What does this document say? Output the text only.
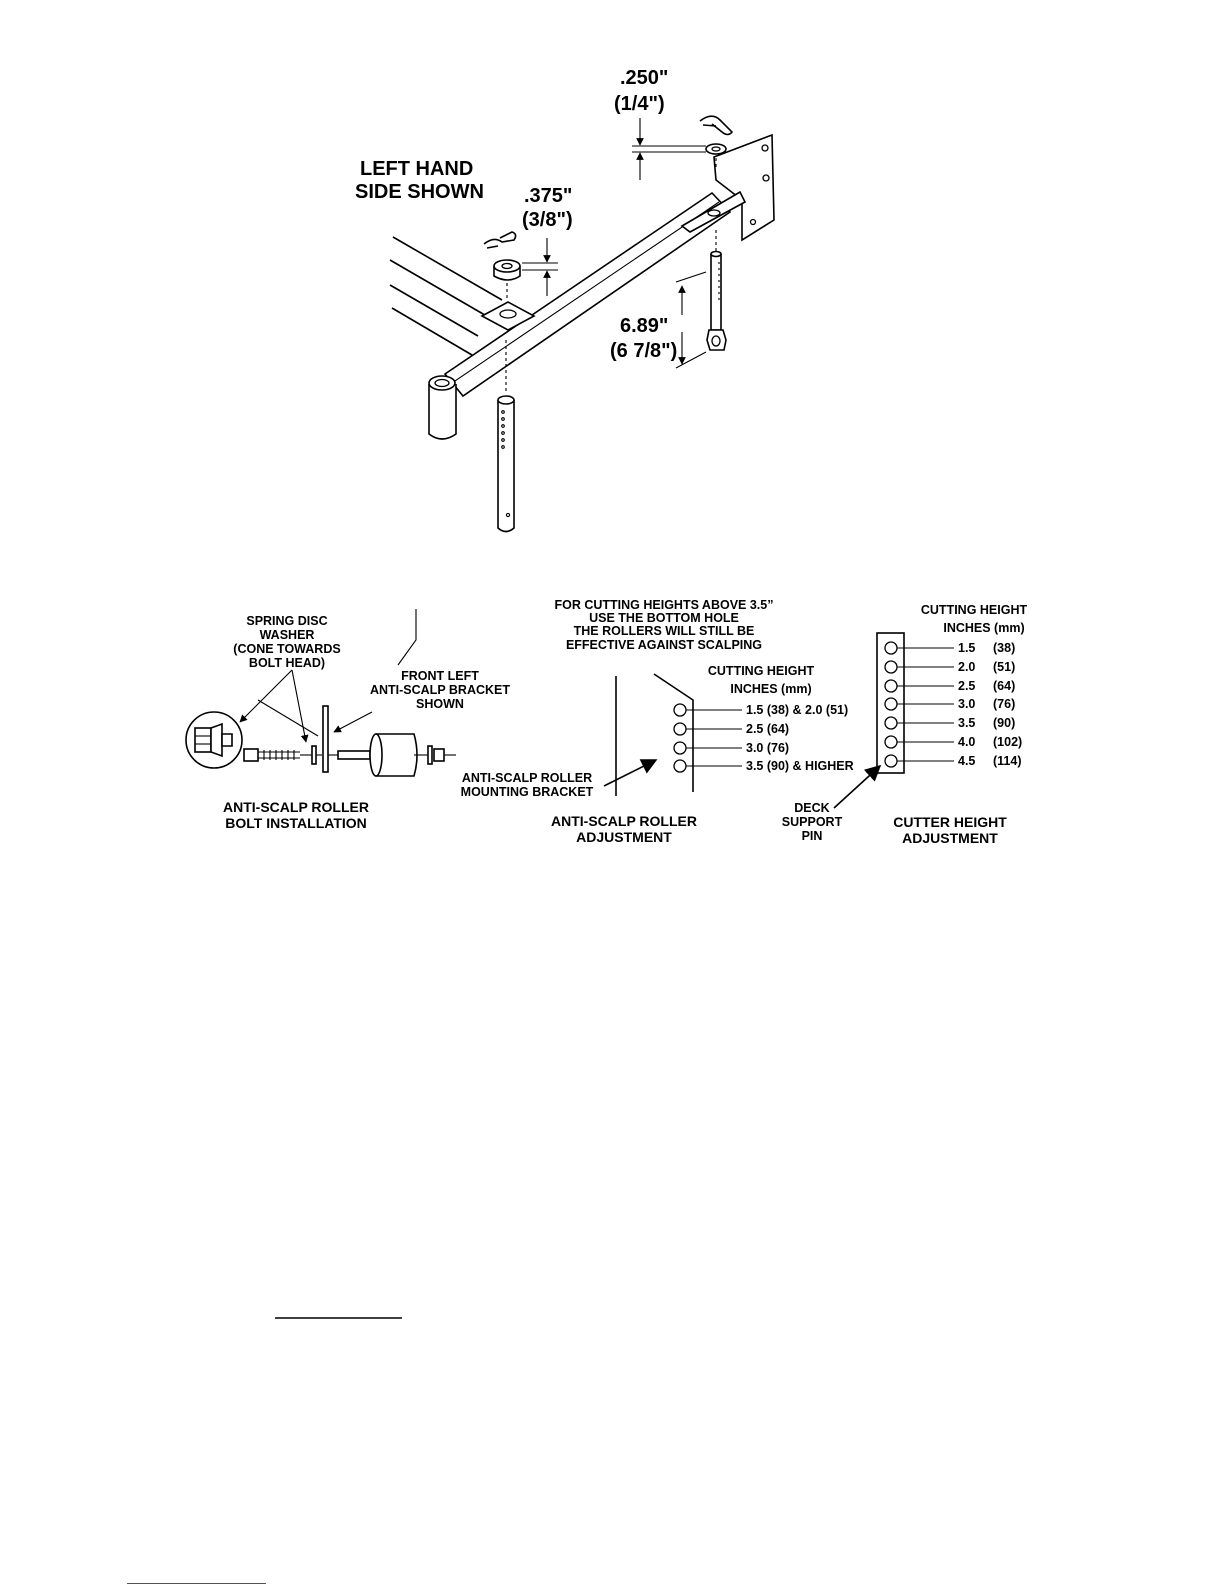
.250"
(1/4")
.375"
(3/8")
6.89"
(6 7/8")
LEFT HAND
SIDE SHOWN
SPRING DISC
WASHER
(CONE TOWARDS
BOLT HEAD)
FRONT LEFT
ANTI-SCALP BRACKET
SHOWN
ANTI-SCALP ROLLER
BOLT INSTALLATION
FOR CUTTING HEIGHTS ABOVE 3.5”
USE THE BOTTOM HOLE
THE ROLLERS WILL STILL BE
EFFECTIVE AGAINST SCALPING
CUTTING HEIGHT
INCHES (mm)
1.5 (38) & 2.0 (51)
2.5 (64)
3.0 (76)
3.5 (90) & HIGHER
ANTI-SCALP ROLLER
MOUNTING BRACKET
ANTI-SCALP ROLLER
ADJUSTMENT
CUTTING HEIGHT
INCHES (mm)
1.5 (38)
2.0 (51)
2.5 (64)
3.0 (76)
3.5 (90)
4.0 (102)
4.5 (114)
DECK
SUPPORT
PIN
CUTTER HEIGHT
ADJUSTMENT
